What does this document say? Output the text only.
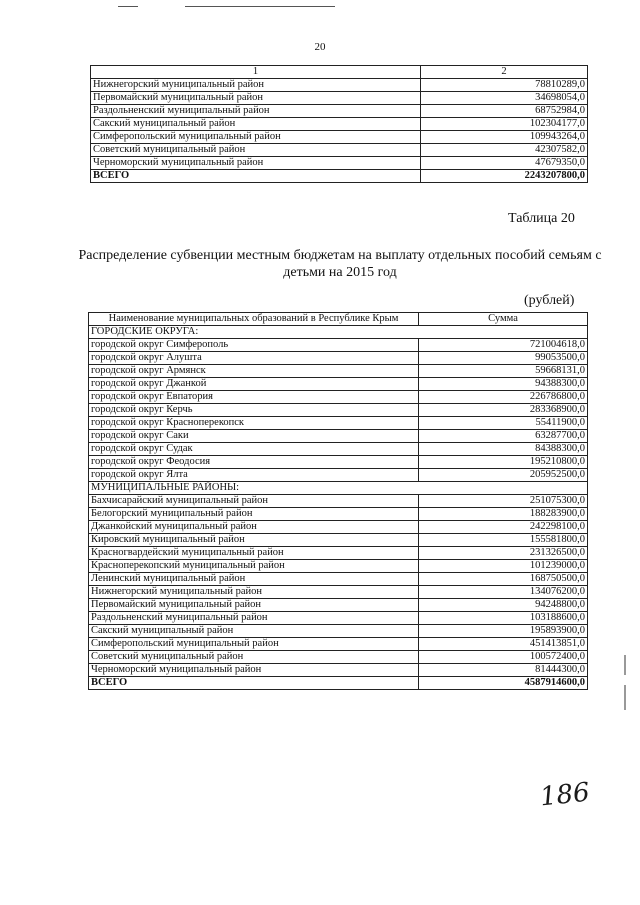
20
1	2
Нижнегорский муниципальный район	78810289,0
Первомайский муниципальный район	34698054,0
Раздольненский муниципальный район	68752984,0
Сакский муниципальный район	102304177,0
Симферопольский муниципальный район	109943264,0
Советский муниципальный район	42307582,0
Черноморский муниципальный район	47679350,0
ВСЕГО	2243207800,0
Таблица 20
Распределение субвенции местным бюджетам на выплату отдельных пособий семьям с детьми на 2015 год
(рублей)
Наименование муниципальных образований в Республике Крым	Сумма
ГОРОДСКИЕ ОКРУГА:	
городской округ Симферополь	721004618,0
городской округ Алушта	99053500,0
городской округ Армянск	59668131,0
городской округ Джанкой	94388300,0
городской округ Евпатория	226786800,0
городской округ Керчь	283368900,0
городской округ Красноперекопск	55411900,0
городской округ Саки	63287700,0
городской округ Судак	84388300,0
городской округ Феодосия	195210800,0
городской округ Ялта	205952500,0
МУНИЦИПАЛЬНЫЕ РАЙОНЫ:	
Бахчисарайский муниципальный район	251075300,0
Белогорский муниципальный район	188283900,0
Джанкойский муниципальный район	242298100,0
Кировский муниципальный район	155581800,0
Красногвардейский муниципальный район	231326500,0
Красноперекопский муниципальный район	101239000,0
Ленинский муниципальный район	168750500,0
Нижнегорский муниципальный район	134076200,0
Первомайский муниципальный район	94248800,0
Раздольненский муниципальный район	103188600,0
Сакский муниципальный район	195893900,0
Симферопольский муниципальный район	451413851,0
Советский муниципальный район	100572400,0
Черноморский муниципальный район	81444300,0
ВСЕГО	4587914600,0
186
